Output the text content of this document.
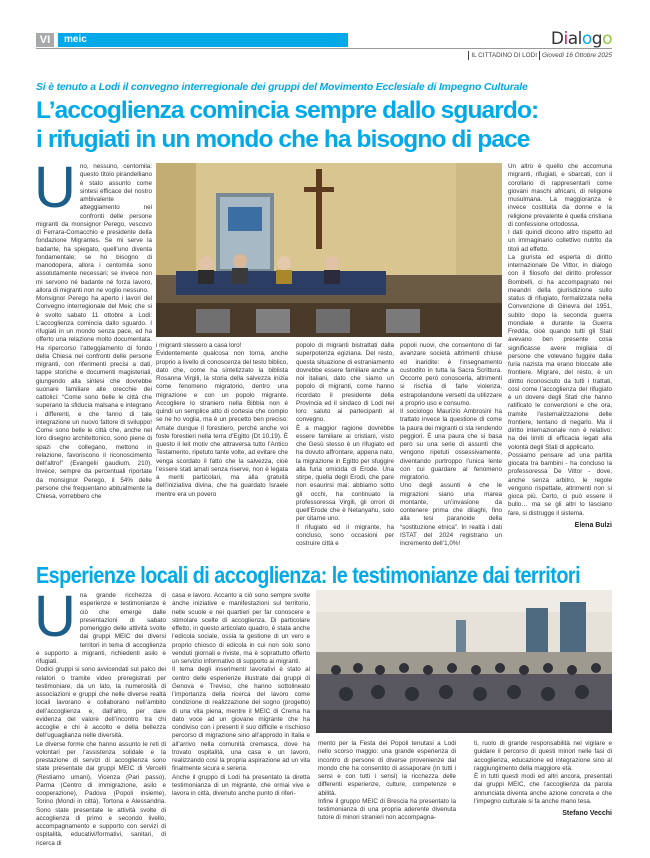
VI	meic	Dialogo
IL CITTADINO DI LODI Giovedì 16 Ottobre 2025
Si è tenuto a Lodi il convegno interregionale dei gruppi del Movimento Ecclesiale di Impegno Culturale
L’accoglienza comincia sempre dallo sguardo:
i rifugiati in un mondo che ha bisogno di pace
U no, nessuno, centomila: questo titolo pirandelliano è stato assunto come sintesi efficace del nostro ambivalente atteggiamento nei confronti delle persone migranti da monsignor Perego, vescovo di Ferrara-Comacchio e presidente della fondazione Migrantes. Se mi serve la badante, ha spiegato, quell’uno diventa fondamentale; se ho bisogno di manodopera, allora i centomila sono assolutamente necessari; se invece non mi servono né badante né forza lavoro, allora di migranti non ne voglio nessuno.

Monsignor Perego ha aperto i lavori del Convegno interregionale del Meic che si è svolto sabato 11 ottobre a Lodi: L’accoglienza comincia dallo sguardo. I rifugiati in un mondo senza pace, ed ha offerto una relazione molto documentata. Ha ripercorso l’atteggiamento di fondo della Chiesa nei confronti delle persone migranti, con riferimenti precisi a dati, tappe storiche e documenti magisteriali, giungendo alla sintesi che dovrebbe suonare familiare alle orecchie dei cattolici: “Come sono belle le città che superano la sfiducia malsana e integrano i differenti, e che fanno di tale integrazione un nuovo fattore di sviluppo! Come sono belle le città che, anche nel loro disegno architettonico, sono piene di spazi che collegano, mettono in relazione, favoriscono il riconoscimento dell’altro!” (Evangelii gaudium, 210). Invece, sempre da percentuali riportate da monsignor Perego, il 54% delle persone che frequentano abitualmente la Chiesa, vorrebbero che

i migranti stessero a casa loro!

Evidentemente qualcosa non torna, anche proprio a livello di conoscenza del testo biblico, dato che, come ha sintetizzato la biblista Rosanna Virgili, la storia della salvezza inizia come fenomeno migratorio, dentro una migrazione e con un popolo migrante. Accogliere lo straniero nella Bibbia non è quindi un semplice atto di cortesia che compio se ne ho voglia, ma è un precetto ben preciso: Amate dunque il forestiero, perché anche voi foste forestieri nella terra d’Egitto (Dt 10,19). È questo il leit motiv che attraversa tutto l’Antico Testamento, ripetuto tante volte, ad evitare che venga scordato il fatto che la salvezza, cioè l’essere stati amati senza riserve, non è legata a meriti particolari, ma alla gratuità dell’iniziativa divina, che ha guardato Israele mentre era un povero

popolo di migranti bistrattati dalla superpotenza egiziana. Del resto, questa situazione di estraniamento dovrebbe essere familiare anche a noi italiani, dato che siamo un popolo di migranti, come hanno ricordato il presidente della Provincia ed il sindaco di Lodi nel loro saluto ai partecipanti al convegno.

È a maggior ragione dovrebbe essere familiare ai cristiani, visto che Gesù stesso è un rifugiato ed ha dovuto affrontare, appena nato, la migrazione in Egitto per sfuggire alla furia omicida di Erode. Una stirpe, quella degli Erodi, che pare non esaurirsi mai: abbiamo sotto gli occhi, ha continuato la professoressa Virgili, gli orrori di quell’Erode che è Netanyahu, solo per citarne uno.

Il rifugiato ed il migrante, ha concluso, sono occasioni per costruire città e

popoli nuovi, che consentono di far avanzare società altrimenti chiuse ed inaridite: è l’insegnamento custodito in tutta la Sacra Scrittura. Occorre però conoscerla, altrimenti si rischia di farle violenza, estrapolandone versetti da utilizzare a proprio uso e consumo.

Il sociologo Maurizio Ambrosini ha trattato invece la questione di come la paura dei migranti ci sta rendendo peggiori. È una paura che si basa però su una serie di assunti che vengono ripetuti ossessivamente, diventando purtroppo l’unica lente con cui guardare al fenomeno migratorio.

Uno degli assunti è che le migrazioni siano una marea montante, un’invasione da contenere prima che dilaghi, fino alla tesi paranoide della “sostituzione etnica”. In realtà i dati ISTAT del 2024 registrano un incremento dell’1,0%!

Un altro è quello che accomuna migranti, rifugiati, e sbarcati, con il corollario di rappresentarli come giovani maschi africani, di religione musulmana. La maggioranza è invece costituita da donne e la religione prevalente è quella cristiana di confessione ortodossa.

I dati quindi dicono altro rispetto ad un immaginario collettivo nutrito da titoli ad effetto.

La giurista ed esperta di diritto internazionale De Vittor, in dialogo con il filosofo del diritto professor Bombelli, ci ha accompagnato nei meandri della giurisdizione sullo status di rifugiato, formalizzata nella Convenzione di Ginevra del 1951, subito dopo la seconda guerra mondiale e durante la Guerra Fredda, cioè quando tutti gli Stati avevano ben presente cosa significasse avere migliaia di persone che volevano fuggire dalla furia nazista ma erano bloccate alle frontiere. Migrare, del resto, è un diritto riconosciuto da tutti i trattati, così come l’accoglienza del rifugiato è un dovere degli Stati che hanno ratificato le convenzioni e che ora, tramite l’esternalizzazione delle frontiere, tentano di negarlo. Ma il diritto internazionale non è relativo: ha dei limiti di efficacia legati alla volontà degli Stati di applicarlo.

Possiamo pensare ad una partita giocata tra bambini - ha concluso la professoressa De Vittor - dove, anche senza arbitro, le regole vengono rispettate, altrimenti non si gioca più. Certo, ci può essere il bullo… ma se gli altri lo lasciano fare, si distrugge il sistema.

Elena Bulzi
Esperienze locali di accoglienza: le testimonianze dai territori
U na grande ricchezza di esperienze e testimonianze è ciò che emerge dalle presentazioni di sabato pomeriggio delle attività svolte dai gruppi MEIC dei diversi territori in tema di accoglienza e supporto a migranti, richiedenti asilo e rifugiati.

Dodici gruppi si sono avvicendati sul palco dei relatori o tramite video preregistrati per testimoniare, da un lato, la numerosità di associazioni e gruppi che nelle diverse realtà locali lavorano e collaborano nell’ambito dell’accoglienza e, dall’altro, per dare evidenza del valore dell’incontro tra chi accoglie e chi è accolto e della bellezza dell’uguaglianza nelle diversità.

Le diverse forme che hanno assunto le reti di volontari per l’assistenza solidale e la prestazione di servizi di accoglienza sono state presentate dai gruppi MEIC di Vercelli (Restiamo umani), Vicenza (Pari passo), Parma (Centro di immigrazione, asilo e cooperazione), Padova (Popoli insieme), Torino (Mondi in città), Tortona e Alessandria. Sono state presentate le attività svolte di accoglienza di primo e secondo livello, accompagnamento e supporto con servizi di ospitalità, educativi/formativi, sanitari, di ricerca di

casa e lavoro. Accanto a ciò sono sempre svolte anche iniziative e manifestazioni sul territorio, nelle scuole e nei quartieri per far conoscere e stimolare scelte di accoglienza. Di particolare effetto, in questo articolato quadro, è stata anche l’edicola sociale, ossia la gestione di un vero e proprio chiosco di edicola in cui non solo sono venduti giornali e riviste, ma è soprattutto offerto un servizio informativo di supporto ai migranti.

Il tema degli inserimenti lavorativi è stato al centro delle esperienze illustrate dai gruppi di Genova e Treviso, che hanno sottolineato l’importanza della ricerca del lavoro come condizione di realizzazione del sogno (progetto) di una vita piena, mentre il MEIC di Crema ha dato voce ad un giovane migrante che ha condiviso con i presenti il suo difficile e rischioso percorso di migrazione sino all’approdo in Italia e all’arrivo nella comunità cremasca, dove ha trovato ospitalità, una casa e un lavoro, realizzando così la propria aspirazione ad un vita finalmente sicura e serena.

Anche il gruppo di Lodi ha presentato la diretta testimonianza di un migrante, che ormai vive e lavora in città, divenuto anche punto di riferi-

mento per la Festa dei Popoli tenutasi a Lodi nello scorso maggio: una grande esperienza di incontro di persone di diverse provenienze dal mondo che ha consentito di assaporare (in tutti i sensi e con tutti i sensi) la ricchezza delle differenti esperienze, culture, competenze e abilità.

Infine il gruppo MEIC di Brescia ha presentato la testimonianza di una propria aderente divenuta tutore di minori stranieri non accompagna-

ti, ruolo di grande responsabilità nel vigilare e guidare il percorso di questi minori nelle fasi di accoglienza, educazione ed integrazione sino al raggiungimento della maggiore età.

È in tutti questi modi ed altri ancora, presentati dai gruppi MEIC, che l’accoglienza da parola annunciata diventa anche azione concreta e che l’impegno culturale si fa anche mano tesa.

Stefano Vecchi
